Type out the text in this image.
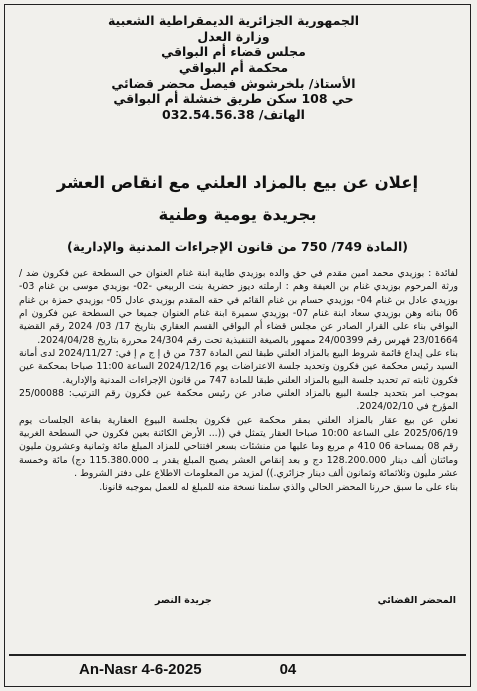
الجمهورية الجزائرية الديمقراطية الشعبية
وزارة العدل
مجلس قضاء أم البواقي
محكمة أم البواقي
الأستاذ/ بلخرشوش فيصل محضر قضائي
حي 108 سكن طريق خنشلة أم البواقي
الهاتف/ 032.54.56.38
إعلان عن بيع بالمزاد العلني مع انقاص العشر
بجريدة يومية وطنية
(المادة 749/ 750 من قانون الإجراءات المدنية والإدارية)

لفائدة : بوزيدي محمد امين مقدم في حق والده بوزيدي طايبة ابنة غنام العنوان حي السطحة عين فكرون ضد / ورثة المرحوم بوزيدي غنام بن العيفة وهم : ارملته ديوز حضرية بنت الربيعي -02- بوزيدي موسى بن غنام 03- بوزيدي عادل بن غنام 04- بوزيدي حسام بن غنام القائم في حقه المقدم بوزيدي عادل 05- بوزيدي حمزة بن غنام 06 بناته وهن بوزيدي سعاد ابنة غنام 07- بوزيدي سميرة ابنة غنام العنوان جميعا حي السطحة عين فكرون ام البواقي بناء على القرار الصادر عن مجلس قضاء أم البواقي القسم العقاري بتاريخ 17/ 03/ 2024 رقم القضية 23/01664 فهرس رقم 24/00399 ممهور بالصيغة التنفيذية تحت رقم 24/304 محررة بتاريخ 2024/04/28.

بناء على إيداع قائمة شروط البيع بالمزاد العلني طبقا لنص المادة 737 من ق إ ج م إ في: 2024/11/27 لدى أمانة السيد رئيس محكمة عين فكرون وتحديد جلسة الاعتراضات يوم 2024/12/16 الساعة 11:00 صباحا بمحكمة عين فكرون ثابته تم تحديد جلسة البيع بالمزاد العلني طبقا للمادة 747 من قانون الإجراءات المدنية والإدارية.

بموجب امر بتحديد جلسة البيع بالمزاد العلني صادر عن رئيس محكمة عين فكرون رقم الترتيب: 25/00088 المؤرخ في 2024/02/10.

نعلن عن بيع عقار بالمزاد العلني بمقر محكمة عين فكرون بجلسة البيوع العقارية بقاعة الجلسات يوم 2025/06/19 على الساعة 10:00 صباحا العقار يتمثل في ((... الأرض الكائنة بعين فكرون حي السطحة الغربية رقم 08 بمساحة 06 410 م مربع وما عليها من منشئات بسعر افتتاحي للمزاد المبلغ مائة وثمانية وعشرون مليون ومائتان ألف دينار 128.200.000 دج و بعد إنقاص العشر يصبح المبلغ يقدر بـ 115.380.000 دج) مائة وخمسة عشر مليون وثلاثمائة وثمانون ألف دينار جزائري.)) لمزيد من المعلومات الاطلاع على دفتر الشروط .

بناء على ما سبق حررنا المحضر الحالي والذي سلمنا نسخة منه للمبلغ له للعمل بموجبه قانونا.

المحضر القضائي
جريدة النصر
An-Nasr 4-6-2025	04
